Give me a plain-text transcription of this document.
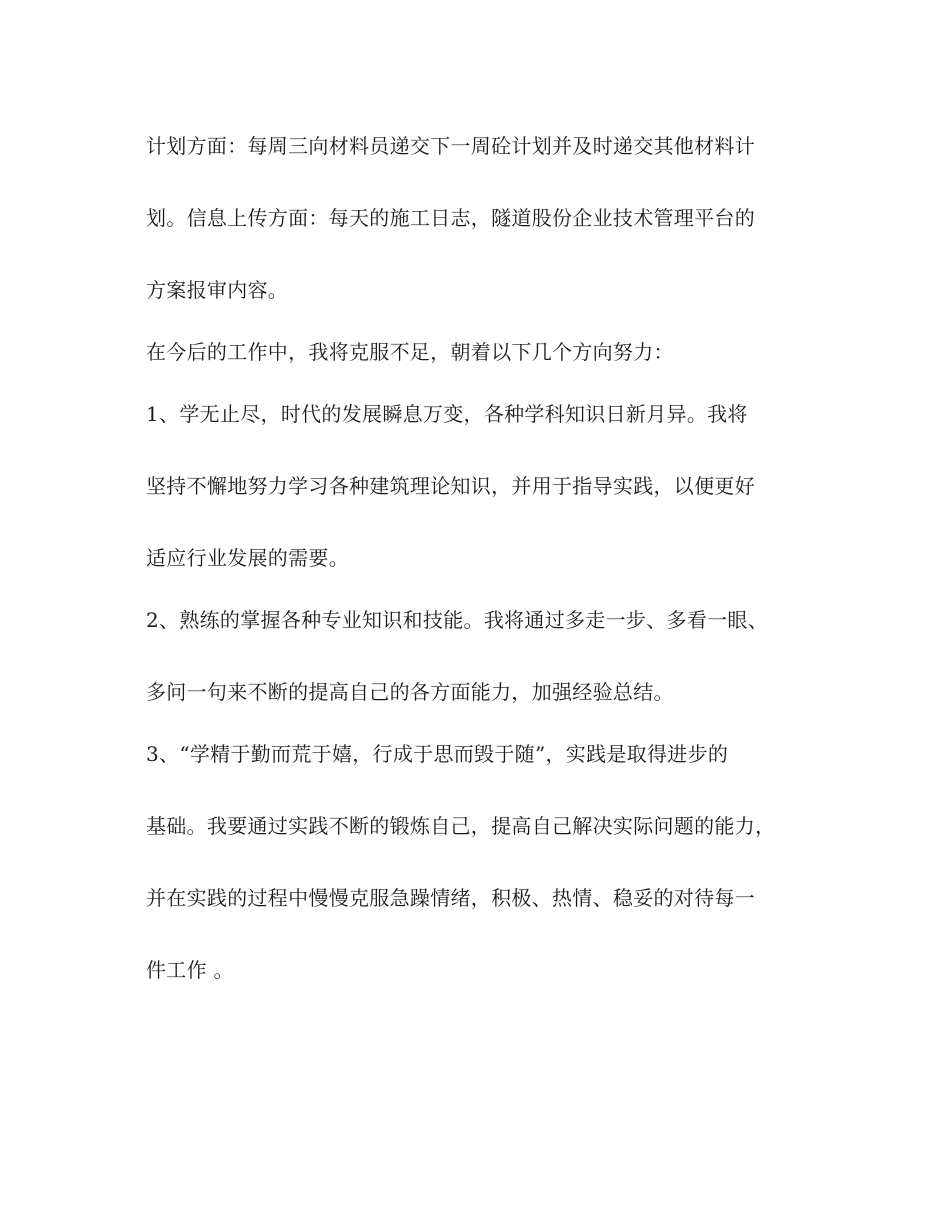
计划方面：每周三向材料员递交下一周砼计划并及时递交其他材料计
划。信息上传方面：每天的施工日志，隧道股份企业技术管理平台的
方案报审内容。
在今后的工作中，我将克服不足，朝着以下几个方向努力：
1、学无止尽，时代的发展瞬息万变，各种学科知识日新月异。我将
坚持不懈地努力学习各种建筑理论知识，并用于指导实践，以便更好
适应行业发展的需要。
2、熟练的掌握各种专业知识和技能。我将通过多走一步、多看一眼、
多问一句来不断的提高自己的各方面能力，加强经验总结。
3、“学精于勤而荒于嬉，行成于思而毁于随”，实践是取得进步的
基础。我要通过实践不断的锻炼自己，提高自己解决实际问题的能力，
并在实践的过程中慢慢克服急躁情绪，积极、热情、稳妥的对待每一
件工作 。
